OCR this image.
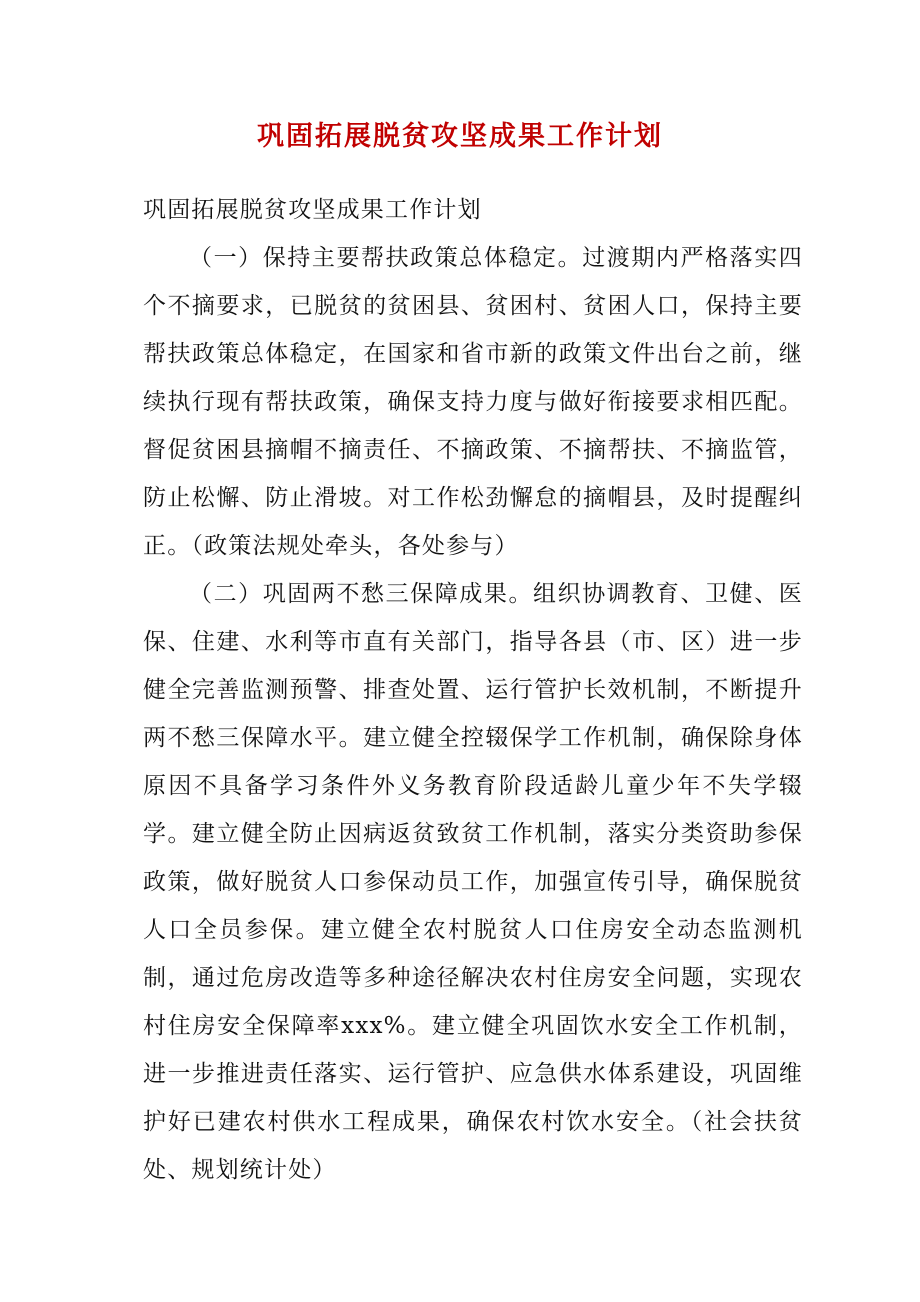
巩固拓展脱贫攻坚成果工作计划

巩固拓展脱贫攻坚成果工作计划

（一）保持主要帮扶政策总体稳定。过渡期内严格落实四个不摘要求，已脱贫的贫困县、贫困村、贫困人口，保持主要帮扶政策总体稳定，在国家和省市新的政策文件出台之前，继续执行现有帮扶政策，确保支持力度与做好衔接要求相匹配。督促贫困县摘帽不摘责任、不摘政策、不摘帮扶、不摘监管，防止松懈、防止滑坡。对工作松劲懈怠的摘帽县，及时提醒纠正。（政策法规处牵头，各处参与）

（二）巩固两不愁三保障成果。组织协调教育、卫健、医保、住建、水利等市直有关部门，指导各县（市、区）进一步健全完善监测预警、排查处置、运行管护长效机制，不断提升两不愁三保障水平。建立健全控辍保学工作机制，确保除身体原因不具备学习条件外义务教育阶段适龄儿童少年不失学辍学。建立健全防止因病返贫致贫工作机制，落实分类资助参保政策，做好脱贫人口参保动员工作，加强宣传引导，确保脱贫人口全员参保。建立健全农村脱贫人口住房安全动态监测机制，通过危房改造等多种途径解决农村住房安全问题，实现农村住房安全保障率xxx%。建立健全巩固饮水安全工作机制，进一步推进责任落实、运行管护、应急供水体系建设，巩固维护好已建农村供水工程成果，确保农村饮水安全。（社会扶贫处、规划统计处）
